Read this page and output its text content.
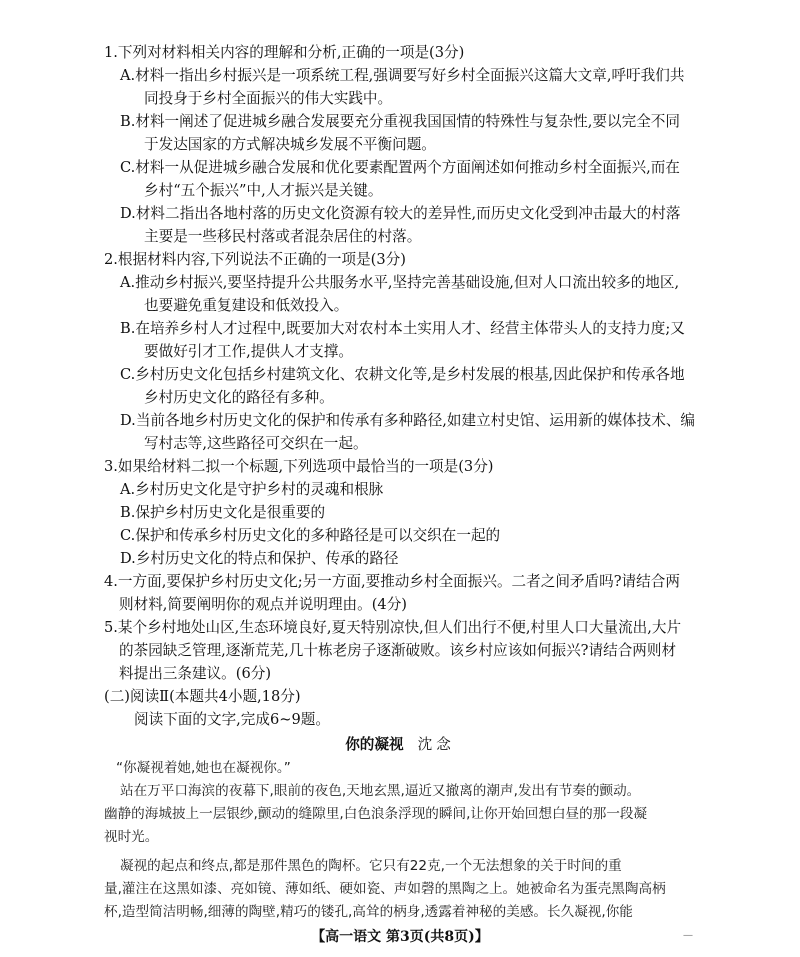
1.下列对材料相关内容的理解和分析,正确的一项是(3分)
A.材料一指出乡村振兴是一项系统工程,强调要写好乡村全面振兴这篇大文章,呼吁我们共
同投身于乡村全面振兴的伟大实践中。
B.材料一阐述了促进城乡融合发展要充分重视我国国情的特殊性与复杂性,要以完全不同
于发达国家的方式解决城乡发展不平衡问题。
C.材料一从促进城乡融合发展和优化要素配置两个方面阐述如何推动乡村全面振兴,而在
乡村“五个振兴”中,人才振兴是关键。
D.材料二指出各地村落的历史文化资源有较大的差异性,而历史文化受到冲击最大的村落
主要是一些移民村落或者混杂居住的村落。
2.根据材料内容,下列说法不正确的一项是(3分)
A.推动乡村振兴,要坚持提升公共服务水平,坚持完善基础设施,但对人口流出较多的地区,
也要避免重复建设和低效投入。
B.在培养乡村人才过程中,既要加大对农村本土实用人才、经营主体带头人的支持力度;又
要做好引才工作,提供人才支撑。
C.乡村历史文化包括乡村建筑文化、农耕文化等,是乡村发展的根基,因此保护和传承各地
乡村历史文化的路径有多种。
D.当前各地乡村历史文化的保护和传承有多种路径,如建立村史馆、运用新的媒体技术、编
写村志等,这些路径可交织在一起。
3.如果给材料二拟一个标题,下列选项中最恰当的一项是(3分)
A.乡村历史文化是守护乡村的灵魂和根脉
B.保护乡村历史文化是很重要的
C.保护和传承乡村历史文化的多种路径是可以交织在一起的
D.乡村历史文化的特点和保护、传承的路径
4.一方面,要保护乡村历史文化;另一方面,要推动乡村全面振兴。二者之间矛盾吗?请结合两
则材料,简要阐明你的观点并说明理由。(4分)
5.某个乡村地处山区,生态环境良好,夏天特别凉快,但人们出行不便,村里人口大量流出,大片
的茶园缺乏管理,逐渐荒芜,几十栋老房子逐渐破败。该乡村应该如何振兴?请结合两则材
料提出三条建议。(6分)
(二)阅读Ⅱ(本题共4小题,18分)
阅读下面的文字,完成6~9题。
你的凝视 沈念
“你凝视着她,她也在凝视你。”
站在万平口海滨的夜幕下,眼前的夜色,天地玄黑,逼近又撤离的潮声,发出有节奏的颤动。
幽静的海城披上一层银纱,颤动的缝隙里,白色浪条浮现的瞬间,让你开始回想白昼的那一段凝
视时光。
凝视的起点和终点,都是那件黑色的陶杯。它只有22克,一个无法想象的关于时间的重
量,灌注在这黑如漆、亮如镜、薄如纸、硬如瓷、声如磬的黑陶之上。她被命名为蛋壳黑陶高柄
杯,造型简洁明畅,细薄的陶壁,精巧的镂孔,高耸的柄身,透露着神秘的美感。长久凝视,你能
【高一语文 第3页(共8页)】	—
